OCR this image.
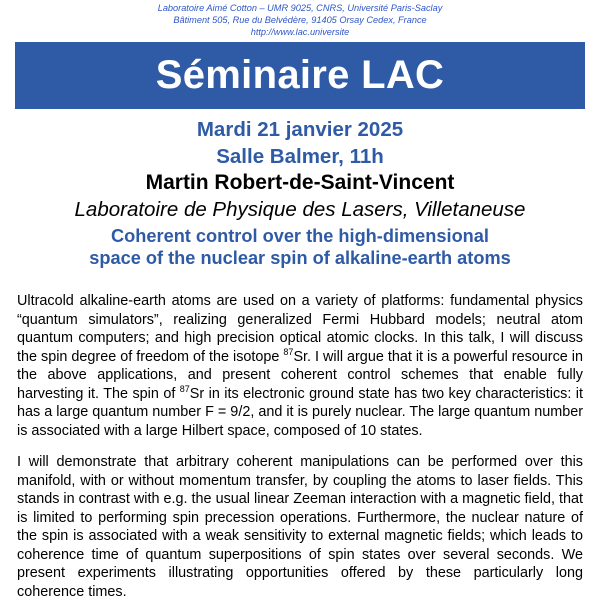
Laboratoire Aimé Cotton – UMR 9025, CNRS, Université Paris-Saclay
Bâtiment 505, Rue du Belvédère, 91405 Orsay Cedex, France
http://www.lac.universite
Séminaire LAC
Mardi 21 janvier 2025
Salle Balmer, 11h
Martin Robert-de-Saint-Vincent
Laboratoire de Physique des Lasers, Villetaneuse
Coherent control over the high-dimensional
space of the nuclear spin of alkaline-earth atoms

Ultracold alkaline-earth atoms are used on a variety of platforms: fundamental physics “quantum simulators”, realizing generalized Fermi Hubbard models; neutral atom quantum computers; and high precision optical atomic clocks. In this talk, I will discuss the spin degree of freedom of the isotope $^{87}$Sr. I will argue that it is a powerful resource in the above applications, and present coherent control schemes that enable fully harvesting it. The spin of $^{87}$Sr in its electronic ground state has two key characteristics: it has a large quantum number F = 9/2, and it is purely nuclear. The large quantum number is associated with a large Hilbert space, composed of 10 states.

I will demonstrate that arbitrary coherent manipulations can be performed over this manifold, with or without momentum transfer, by coupling the atoms to laser fields. This stands in contrast with e.g. the usual linear Zeeman interaction with a magnetic field, that is limited to performing spin precession operations. Furthermore, the nuclear nature of the spin is associated with a weak sensitivity to external magnetic fields; which leads to coherence time of quantum superpositions of spin states over several seconds. We present experiments illustrating opportunities offered by these particularly long coherence times.
